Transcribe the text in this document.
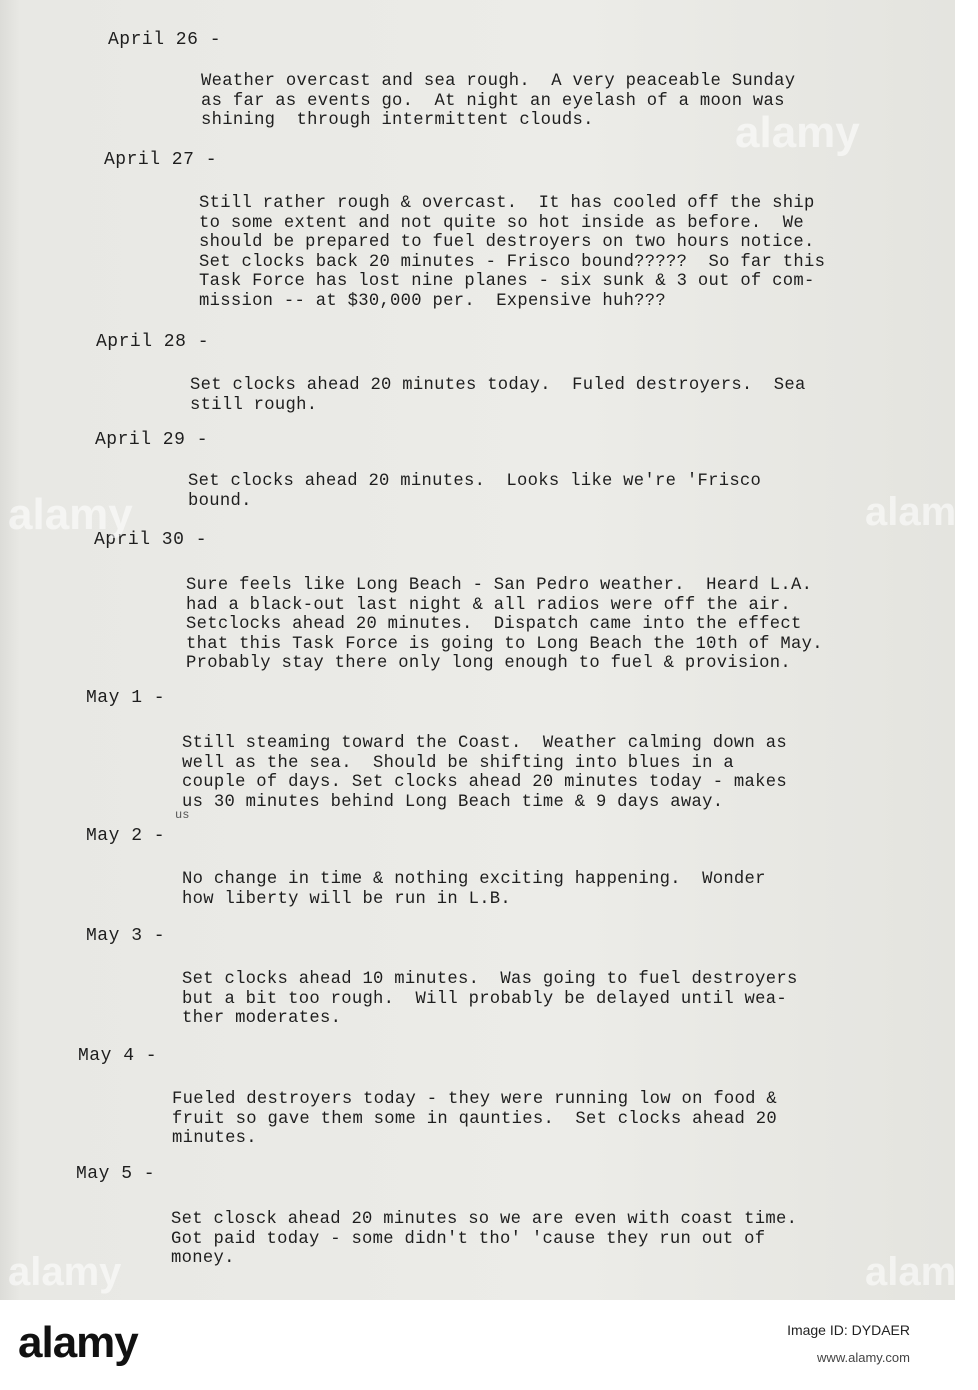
April 26 -
Weather overcast and sea rough.  A very peaceable Sunday
as far as events go.  At night an eyelash of a moon was
shining  through intermittent clouds.
April 27 -
Still rather rough & overcast.  It has cooled off the ship
to some extent and not quite so hot inside as before.  We
should be prepared to fuel destroyers on two hours notice.
Set clocks back 20 minutes - Frisco bound?????  So far this
Task Force has lost nine planes - six sunk & 3 out of com-
mission -- at $30,000 per.  Expensive huh???
April 28 -
Set clocks ahead 20 minutes today.  Fuled destroyers.  Sea
still rough.
April 29 -
Set clocks ahead 20 minutes.  Looks like we're 'Frisco
bound.
April 30 -
Sure feels like Long Beach - San Pedro weather.  Heard L.A.
had a black-out last night & all radios were off the air.
Setclocks ahead 20 minutes.  Dispatch came into the effect
that this Task Force is going to Long Beach the 10th of May.
Probably stay there only long enough to fuel & provision.
May 1 -
Still steaming toward the Coast.  Weather calming down as
well as the sea.  Should be shifting into blues in a
couple of days. Set clocks ahead 20 minutes today - makes
us 30 minutes behind Long Beach time & 9 days away.
us
May 2 -
No change in time & nothing exciting happening.  Wonder
how liberty will be run in L.B.
May 3 -
Set clocks ahead 10 minutes.  Was going to fuel destroyers
but a bit too rough.  Will probably be delayed until wea-
ther moderates.
May 4 -
Fueled destroyers today - they were running low on food &
fruit so gave them some in qaunties.  Set clocks ahead 20
minutes.
May 5 -
Set closck ahead 20 minutes so we are even with coast time.
Got paid today - some didn't tho' 'cause they run out of
money.
alamy
alamy
alamy
alamy	alamy
alamy	Image ID: DYDAER
www.alamy.com
